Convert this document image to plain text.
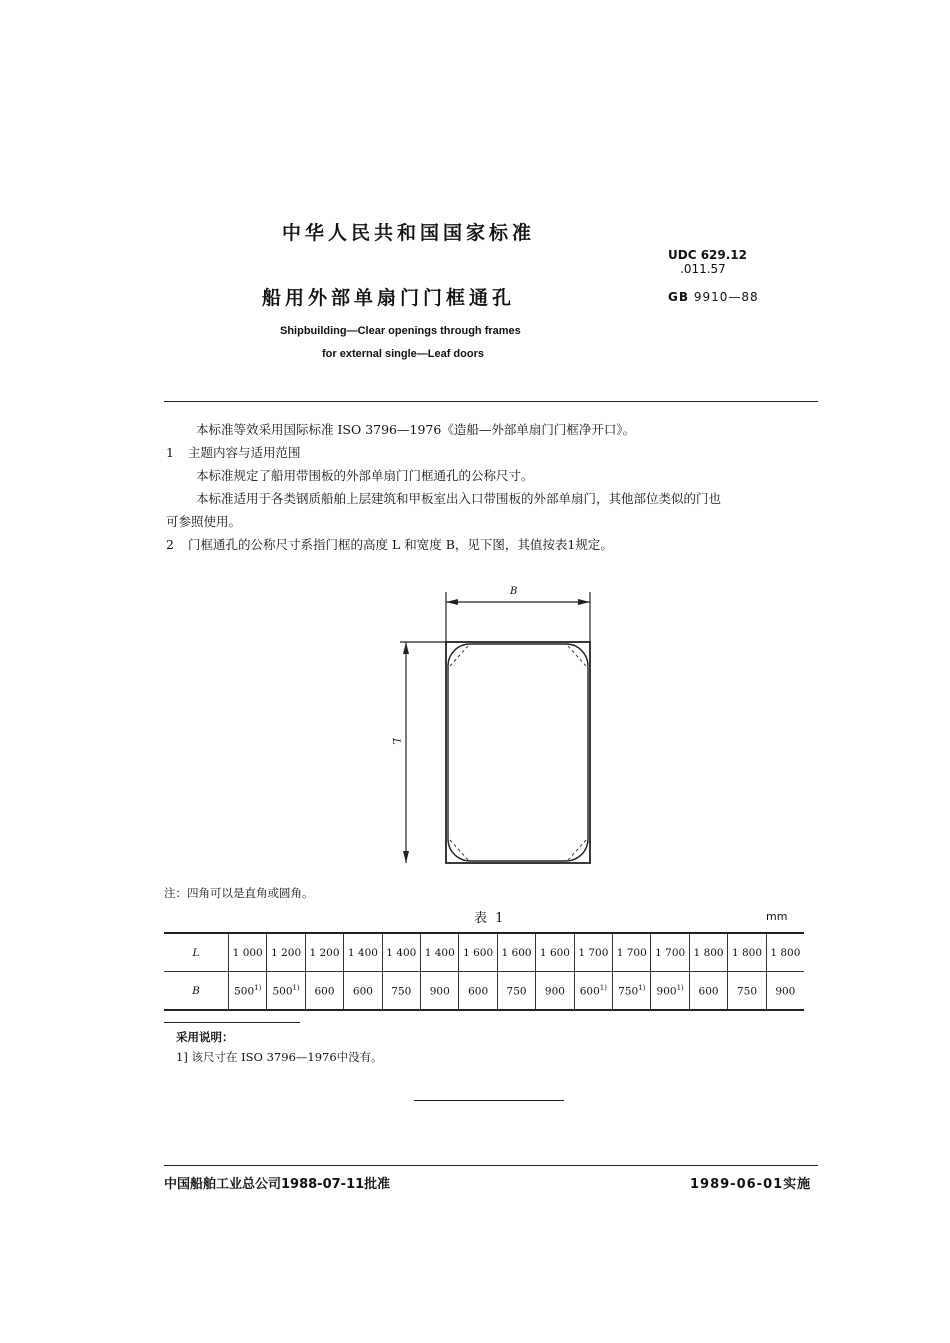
中华人民共和国国家标准
UDC 629.12
.011.57
船用外部单扇门门框通孔	GB 9910—88
Shipbuilding—Clear openings through frames
for external single—Leaf doors
本标准等效采用国际标准 ISO 3796—1976《造船—外部单扇门门框净开口》。
1 主题内容与适用范围
本标准规定了船用带围板的外部单扇门门框通孔的公称尺寸。
本标准适用于各类钢质船舶上层建筑和甲板室出入口带围板的外部单扇门，其他部位类似的门也
可参照使用。
2 门框通孔的公称尺寸系指门框的高度 L 和宽度 B，见下图，其值按表1规定。
B
L
注：四角可以是直角或圆角。
表 1	mm
L	1 000	1 200	1 200	1 400	1 400	1 400	1 600	1 600	1 600	1 700	1 700	1 700	1 800	1 800	1 800
B	500$^{1)}$	500$^{1)}$	600	600	750	900	600	750	900	600$^{1)}$	750$^{1)}$	900$^{1)}$	600	750	900
采用说明：
1] 该尺寸在 ISO 3796—1976中没有。
中国船舶工业总公司1988-07-11批准	1989-06-01实施
